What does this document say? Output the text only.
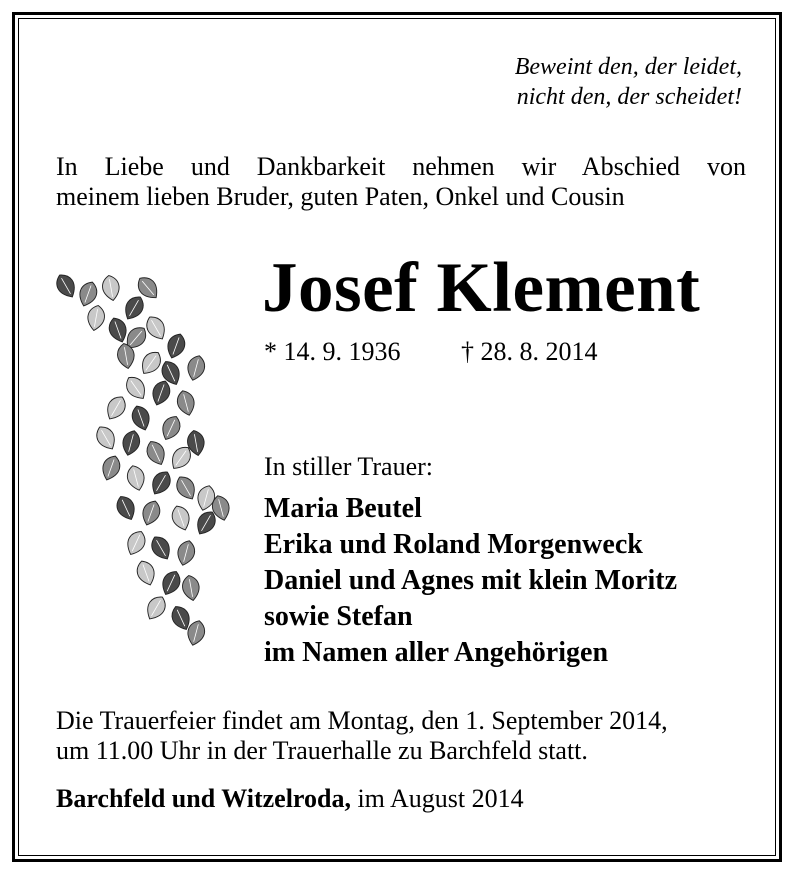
Beweint den, der leidet,
nicht den, der scheidet!
In Liebe und Dankbarkeit nehmen wir Abschied von
meinem lieben Bruder, guten Paten, Onkel und Cousin
Josef Klement
* 14. 9. 1936 † 28. 8. 2014
In stiller Trauer:
Maria Beutel
Erika und Roland Morgenweck
Daniel und Agnes mit klein Moritz
sowie Stefan
im Namen aller Angehörigen
Die Trauerfeier findet am Montag, den 1. September 2014,
um 11.00 Uhr in der Trauerhalle zu Barchfeld statt.
Barchfeld und Witzelroda, im August 2014
